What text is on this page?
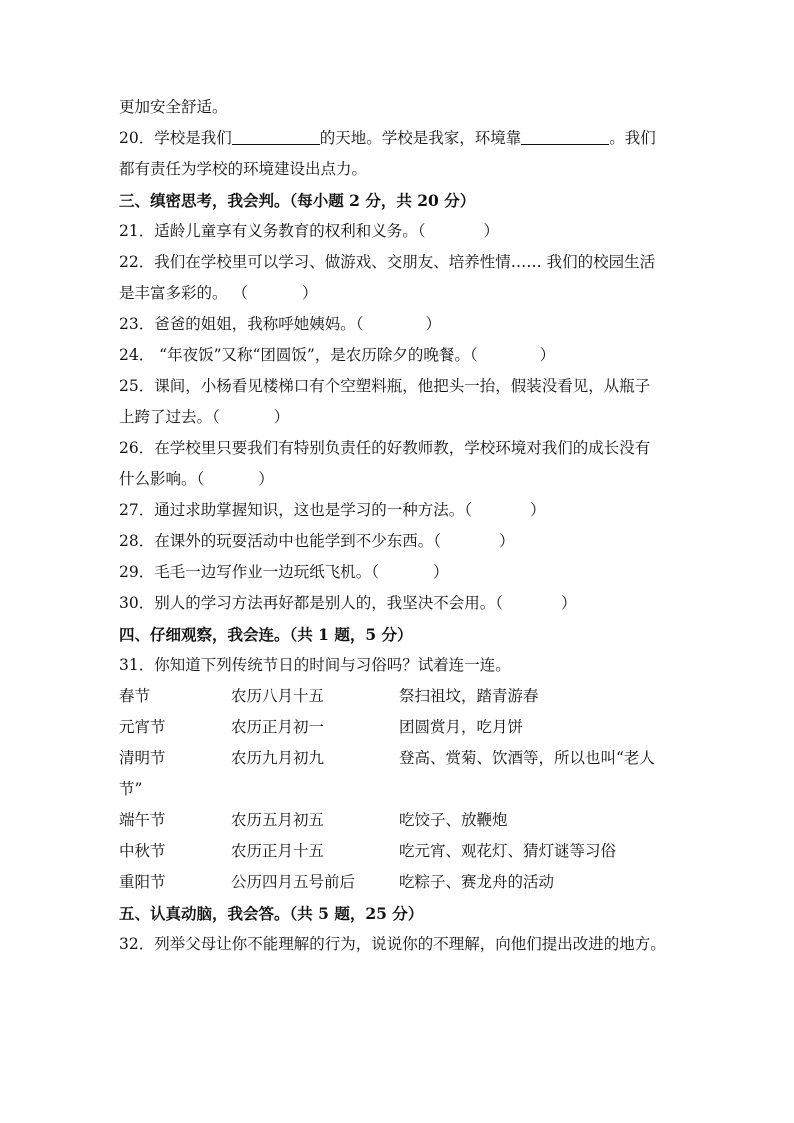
更加安全舒适。
20．学校是我们	的天地。学校是我家，环境靠	。我们
都有责任为学校的环境建设出点力。
三、缜密思考，我会判。（每小题 2 分，共 20 分）
21．适龄儿童享有义务教育的权利和义务。（	）
22．我们在学校里可以学习、做游戏、交朋友、培养性情…… 我们的校园生活
是丰富多彩的。 （	）
23．爸爸的姐姐，我称呼她姨妈。（	）
24． “年夜饭”又称“团圆饭”，是农历除夕的晚餐。（	）
25．课间，小杨看见楼梯口有个空塑料瓶，他把头一抬，假装没看见，从瓶子
上跨了过去。（	）
26．在学校里只要我们有特别负责任的好教师教，学校环境对我们的成长没有
什么影响。（	）
27．通过求助掌握知识，这也是学习的一种方法。（	）
28．在课外的玩耍活动中也能学到不少东西。（	）
29．毛毛一边写作业一边玩纸飞机。（	）
30．别人的学习方法再好都是别人的，我坚决不会用。（	）
四、仔细观察，我会连。（共 1 题，5 分）
31．你知道下列传统节日的时间与习俗吗？试着连一连。
春节	农历八月十五	祭扫祖坟，踏青游春
元宵节	农历正月初一	团圆赏月，吃月饼
清明节	农历九月初九	登高、赏菊、饮酒等，所以也叫“老人
节”
端午节	农历五月初五	吃饺子、放鞭炮
中秋节	农历正月十五	吃元宵、观花灯、猜灯谜等习俗
重阳节	公历四月五号前后	吃粽子、赛龙舟的活动
五、认真动脑，我会答。（共 5 题，25 分）
32．列举父母让你不能理解的行为，说说你的不理解，向他们提出改进的地方。
